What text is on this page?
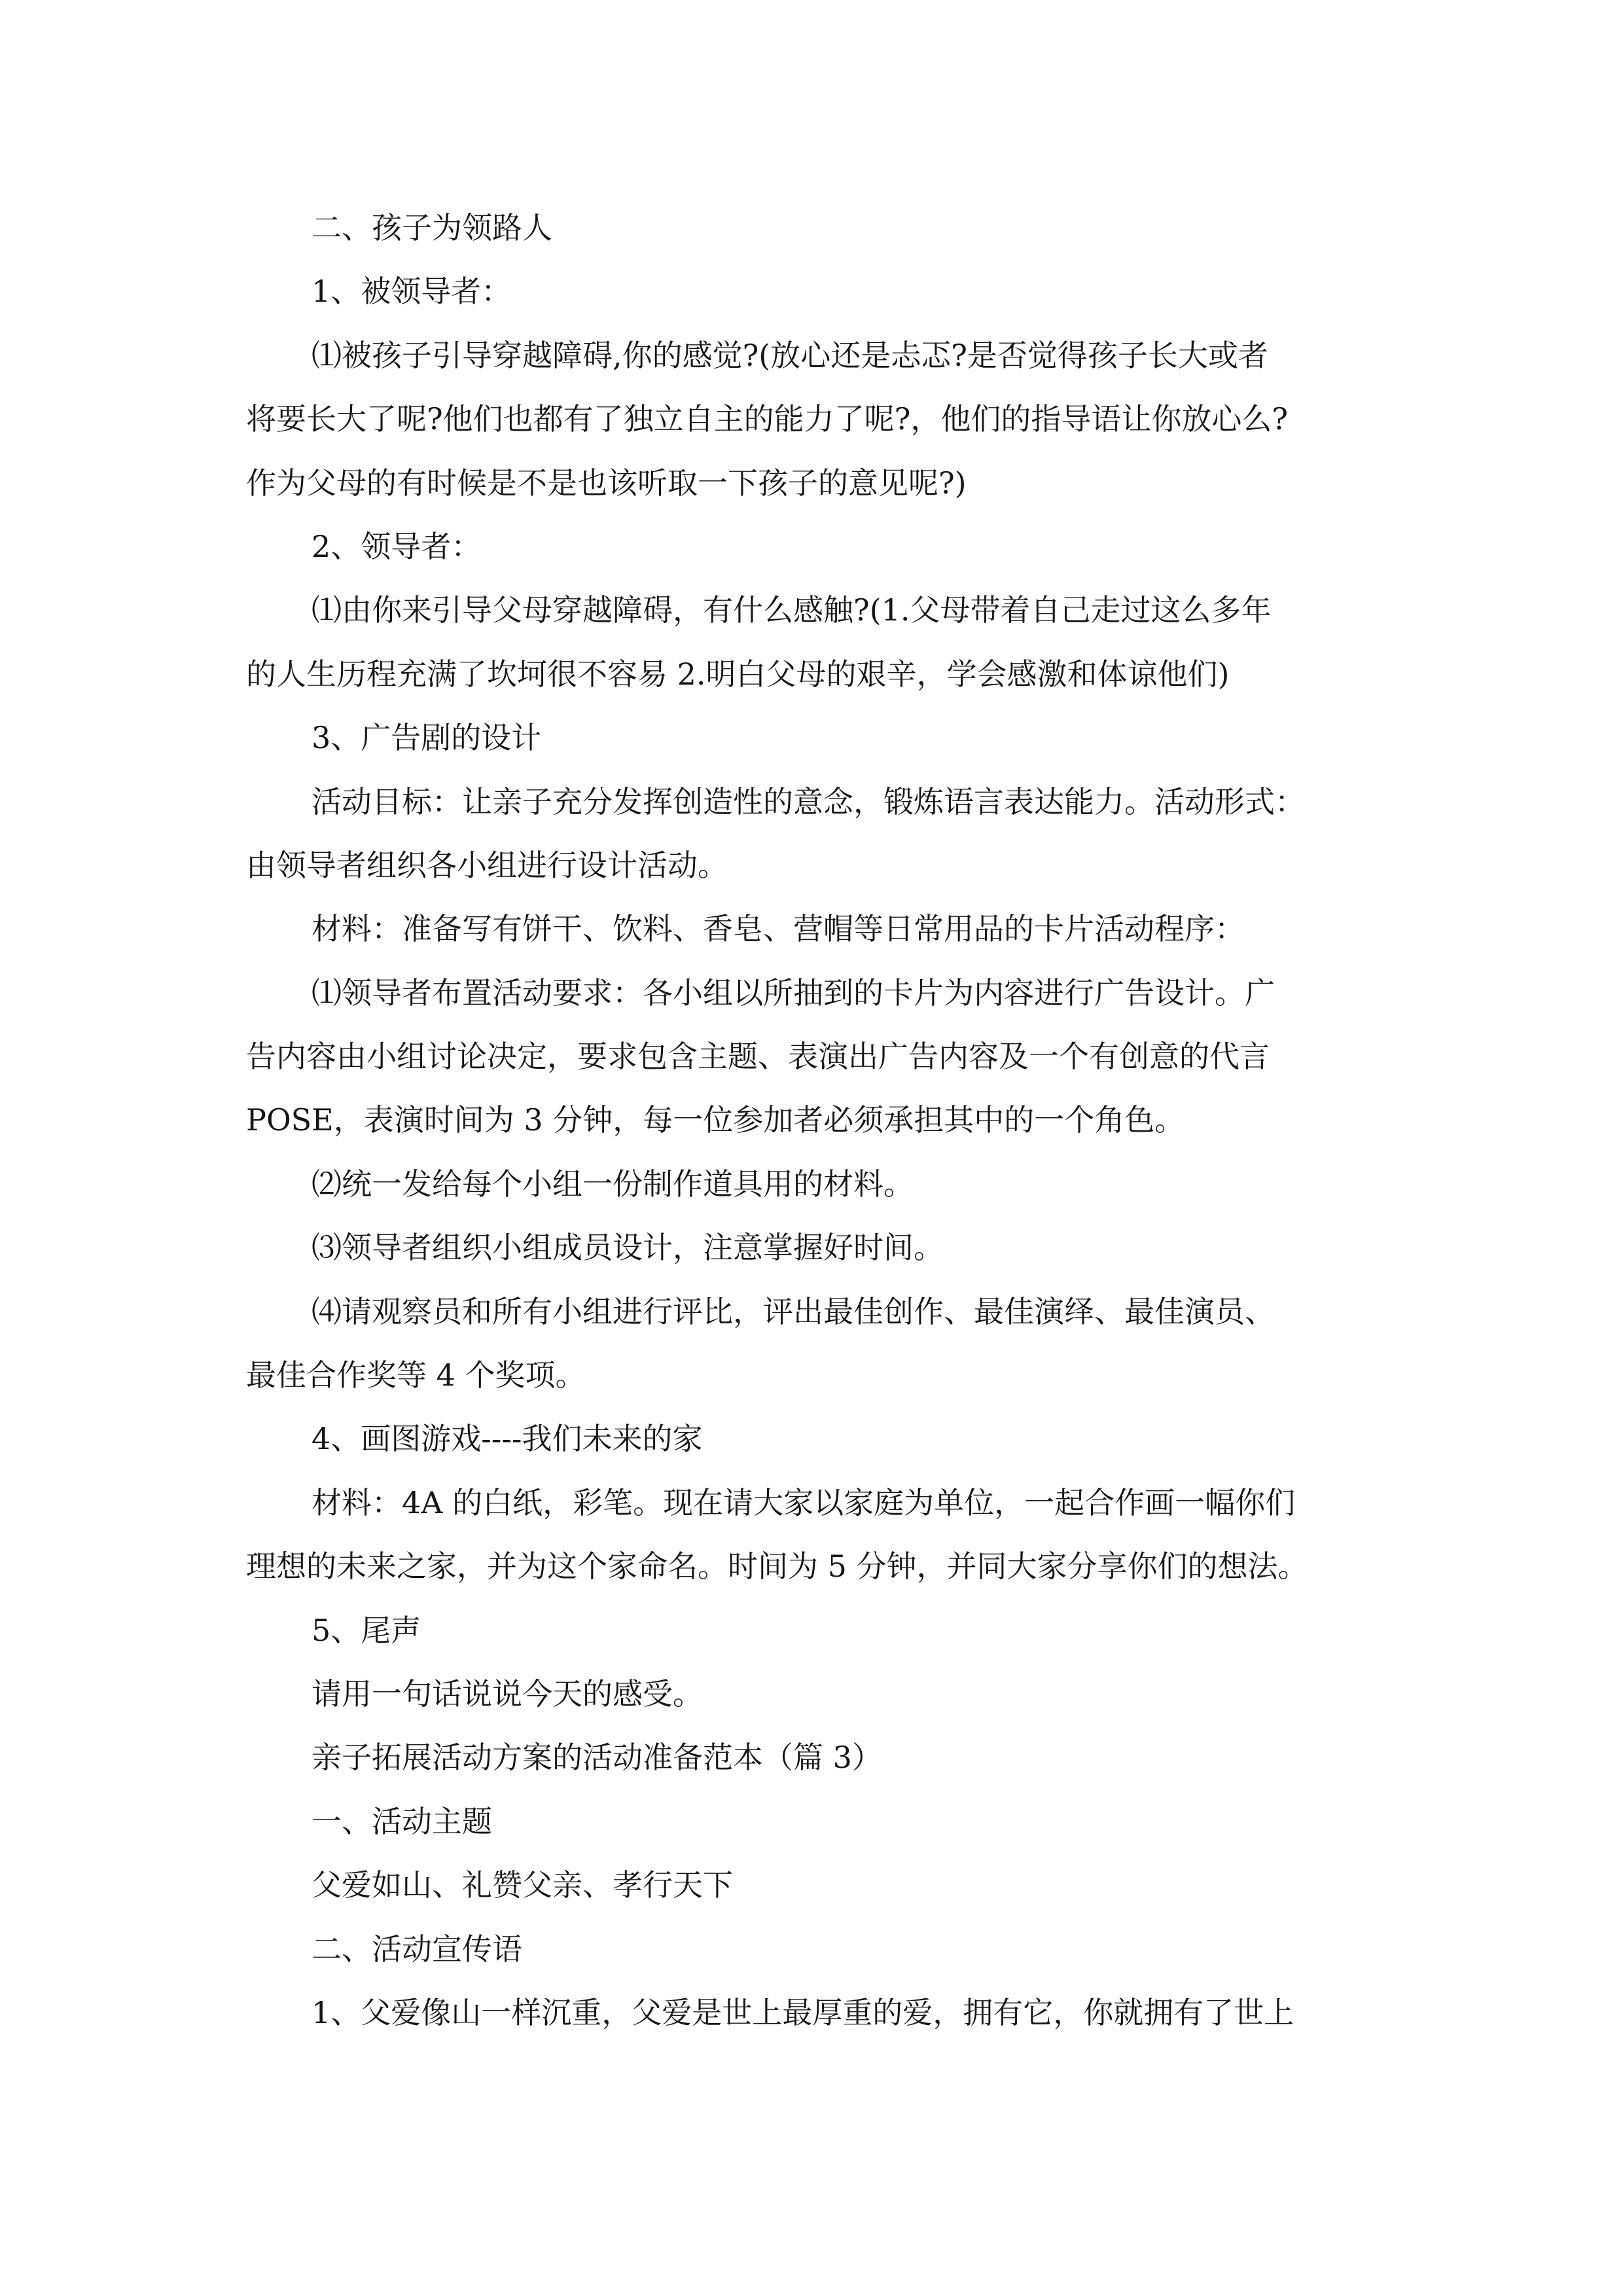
二、孩子为领路人
1、被领导者：
⑴被孩子引导穿越障碍,你的感觉?(放心还是忐忑?是否觉得孩子长大或者
将要长大了呢?他们也都有了独立自主的能力了呢?，他们的指导语让你放心么?
作为父母的有时候是不是也该听取一下孩子的意见呢?)
2、领导者：
⑴由你来引导父母穿越障碍，有什么感触?(1.父母带着自己走过这么多年
的人生历程充满了坎坷很不容易 2.明白父母的艰辛，学会感激和体谅他们)
3、广告剧的设计
活动目标：让亲子充分发挥创造性的意念，锻炼语言表达能力。活动形式：
由领导者组织各小组进行设计活动。
材料：准备写有饼干、饮料、香皂、营帽等日常用品的卡片活动程序：
⑴领导者布置活动要求：各小组以所抽到的卡片为内容进行广告设计。广
告内容由小组讨论决定，要求包含主题、表演出广告内容及一个有创意的代言
POSE，表演时间为 3 分钟，每一位参加者必须承担其中的一个角色。
⑵统一发给每个小组一份制作道具用的材料。
⑶领导者组织小组成员设计，注意掌握好时间。
⑷请观察员和所有小组进行评比，评出最佳创作、最佳演绎、最佳演员、
最佳合作奖等 4 个奖项。
4、画图游戏----我们未来的家
材料：4A 的白纸，彩笔。现在请大家以家庭为单位，一起合作画一幅你们
理想的未来之家，并为这个家命名。时间为 5 分钟，并同大家分享你们的想法。
5、尾声
请用一句话说说今天的感受。
亲子拓展活动方案的活动准备范本（篇 3）
一、活动主题
父爱如山、礼赞父亲、孝行天下
二、活动宣传语
1、父爱像山一样沉重，父爱是世上最厚重的爱，拥有它，你就拥有了世上
